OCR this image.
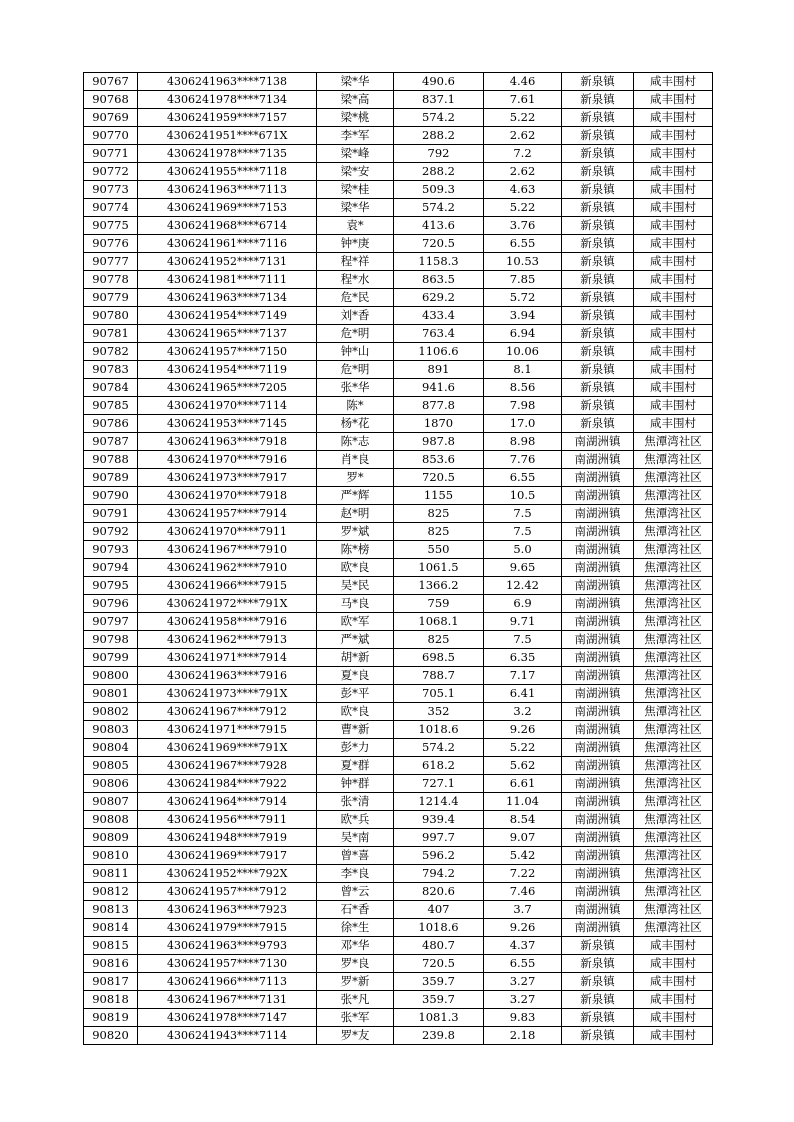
90767	4306241963****7138	梁*华	490.6	4.46	新泉镇	咸丰围村
90768	4306241978****7134	梁*高	837.1	7.61	新泉镇	咸丰围村
90769	4306241959****7157	梁*桃	574.2	5.22	新泉镇	咸丰围村
90770	4306241951****671X	李*军	288.2	2.62	新泉镇	咸丰围村
90771	4306241978****7135	梁*峰	792	7.2	新泉镇	咸丰围村
90772	4306241955****7118	梁*安	288.2	2.62	新泉镇	咸丰围村
90773	4306241963****7113	梁*桂	509.3	4.63	新泉镇	咸丰围村
90774	4306241969****7153	梁*华	574.2	5.22	新泉镇	咸丰围村
90775	4306241968****6714	袁*	413.6	3.76	新泉镇	咸丰围村
90776	4306241961****7116	钟*庚	720.5	6.55	新泉镇	咸丰围村
90777	4306241952****7131	程*祥	1158.3	10.53	新泉镇	咸丰围村
90778	4306241981****7111	程*水	863.5	7.85	新泉镇	咸丰围村
90779	4306241963****7134	危*民	629.2	5.72	新泉镇	咸丰围村
90780	4306241954****7149	刘*香	433.4	3.94	新泉镇	咸丰围村
90781	4306241965****7137	危*明	763.4	6.94	新泉镇	咸丰围村
90782	4306241957****7150	钟*山	1106.6	10.06	新泉镇	咸丰围村
90783	4306241954****7119	危*明	891	8.1	新泉镇	咸丰围村
90784	4306241965****7205	张*华	941.6	8.56	新泉镇	咸丰围村
90785	4306241970****7114	陈*	877.8	7.98	新泉镇	咸丰围村
90786	4306241953****7145	杨*花	1870	17.0	新泉镇	咸丰围村
90787	4306241963****7918	陈*志	987.8	8.98	南湖洲镇	焦潭湾社区
90788	4306241970****7916	肖*良	853.6	7.76	南湖洲镇	焦潭湾社区
90789	4306241973****7917	罗*	720.5	6.55	南湖洲镇	焦潭湾社区
90790	4306241970****7918	严*辉	1155	10.5	南湖洲镇	焦潭湾社区
90791	4306241957****7914	赵*明	825	7.5	南湖洲镇	焦潭湾社区
90792	4306241970****7911	罗*斌	825	7.5	南湖洲镇	焦潭湾社区
90793	4306241967****7910	陈*榜	550	5.0	南湖洲镇	焦潭湾社区
90794	4306241962****7910	欧*良	1061.5	9.65	南湖洲镇	焦潭湾社区
90795	4306241966****7915	吴*民	1366.2	12.42	南湖洲镇	焦潭湾社区
90796	4306241972****791X	马*良	759	6.9	南湖洲镇	焦潭湾社区
90797	4306241958****7916	欧*军	1068.1	9.71	南湖洲镇	焦潭湾社区
90798	4306241962****7913	严*斌	825	7.5	南湖洲镇	焦潭湾社区
90799	4306241971****7914	胡*新	698.5	6.35	南湖洲镇	焦潭湾社区
90800	4306241963****7916	夏*良	788.7	7.17	南湖洲镇	焦潭湾社区
90801	4306241973****791X	彭*平	705.1	6.41	南湖洲镇	焦潭湾社区
90802	4306241967****7912	欧*良	352	3.2	南湖洲镇	焦潭湾社区
90803	4306241971****7915	曹*新	1018.6	9.26	南湖洲镇	焦潭湾社区
90804	4306241969****791X	彭*力	574.2	5.22	南湖洲镇	焦潭湾社区
90805	4306241967****7928	夏*群	618.2	5.62	南湖洲镇	焦潭湾社区
90806	4306241984****7922	钟*群	727.1	6.61	南湖洲镇	焦潭湾社区
90807	4306241964****7914	张*清	1214.4	11.04	南湖洲镇	焦潭湾社区
90808	4306241956****7911	欧*兵	939.4	8.54	南湖洲镇	焦潭湾社区
90809	4306241948****7919	吴*南	997.7	9.07	南湖洲镇	焦潭湾社区
90810	4306241969****7917	曾*喜	596.2	5.42	南湖洲镇	焦潭湾社区
90811	4306241952****792X	李*良	794.2	7.22	南湖洲镇	焦潭湾社区
90812	4306241957****7912	曾*云	820.6	7.46	南湖洲镇	焦潭湾社区
90813	4306241963****7923	石*香	407	3.7	南湖洲镇	焦潭湾社区
90814	4306241979****7915	徐*生	1018.6	9.26	南湖洲镇	焦潭湾社区
90815	4306241963****9793	邓*华	480.7	4.37	新泉镇	咸丰围村
90816	4306241957****7130	罗*良	720.5	6.55	新泉镇	咸丰围村
90817	4306241966****7113	罗*新	359.7	3.27	新泉镇	咸丰围村
90818	4306241967****7131	张*凡	359.7	3.27	新泉镇	咸丰围村
90819	4306241978****7147	张*军	1081.3	9.83	新泉镇	咸丰围村
90820	4306241943****7114	罗*友	239.8	2.18	新泉镇	咸丰围村
